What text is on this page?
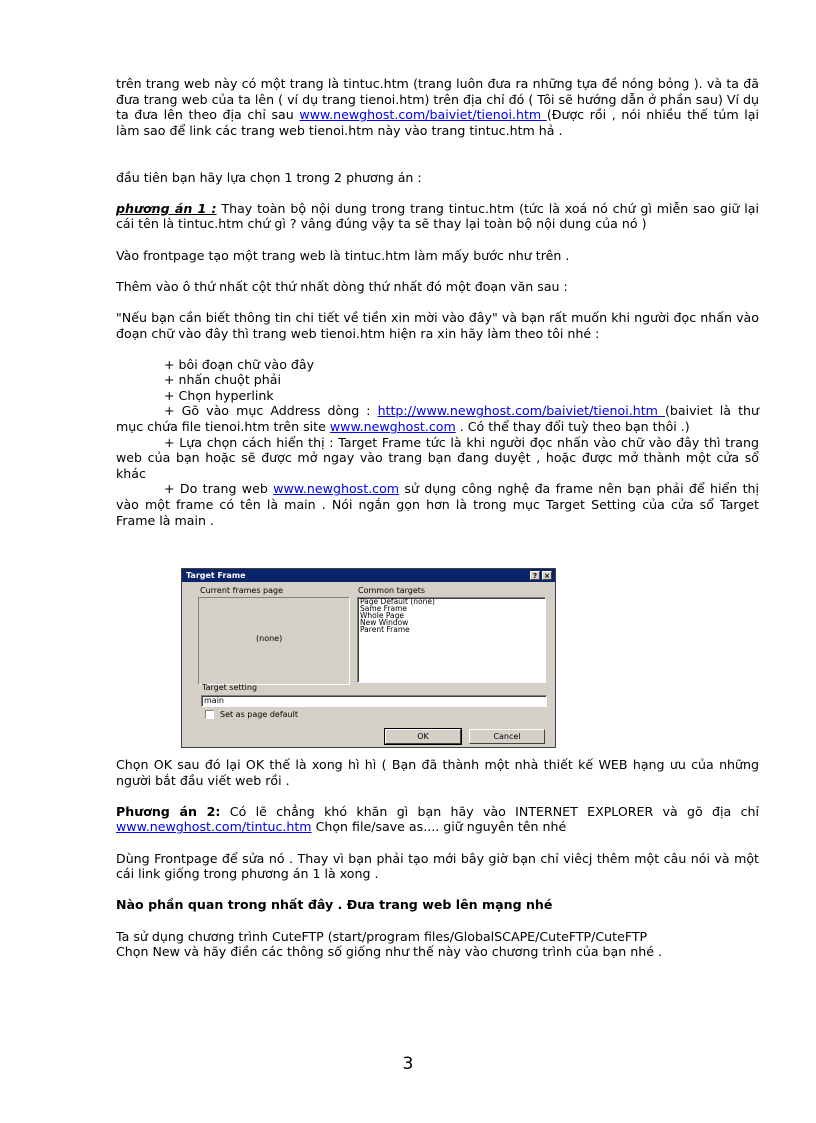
trên trang web này có một trang là tintuc.htm (trang luôn đưa ra những tựa đề nóng bỏng ). và ta đã đưa trang web của ta lên ( ví dụ trang tienoi.htm) trên địa chỉ đó ( Tôi sẽ hướng dẫn ở phần sau) Ví dụ ta đưa lên theo địa chỉ sau www.newghost.com/baiviet/tienoi.htm (Được rồi , nói nhiều thế túm lại làm sao để link các trang web tienoi.htm này vào trang tintuc.htm hả .

đầu tiên bạn hãy lựa chọn 1 trong 2 phương án :

phương án 1 : Thay toàn bộ nội dung trong trang tintuc.htm (tức là xoá nó chứ gì miễn sao giữ lại cái tên là tintuc.htm chứ gì ? vâng đúng vậy ta sẽ thay lại toàn bộ nội dung của nó )

Vào frontpage tạo một trang web là tintuc.htm làm mấy bước như trên .

Thêm vào ô thứ nhất cột thứ nhất dòng thứ nhất đó một đoạn văn sau :

"Nếu bạn cần biết thông tin chi tiết về tiền xin mời vào đây" và bạn rất muốn khi người đọc nhấn vào đoạn chữ vào đây thì trang web tienoi.htm hiện ra xin hãy làm theo tôi nhé :

+ bôi đoạn chữ vào đây

+ nhấn chuột phải

+ Chọn hyperlink

+ Gõ vào mục Address dòng : http://www.newghost.com/baiviet/tienoi.htm (baiviet là thư mục chứa file tienoi.htm trên site www.newghost.com . Có thể thay đổi tuỳ theo bạn thôi .)

+ Lựa chọn cách hiển thị : Target Frame tức là khi người đọc nhấn vào chữ vào đây thì trang web của bạn hoặc sẽ được mở ngay vào trang bạn đang duyệt , hoặc được mở thành một cửa sổ khác

+ Do trang web www.newghost.com sử dụng công nghệ đa frame nên bạn phải để hiển thị vào một frame có tên là main . Nói ngắn gọn hơn là trong mục Target Setting của cửa sổ Target Frame là main .

Target Frame	?	×
Current frames page
(none)
Common targets
Page Default (none)
Same Frame
Whole Page
New Window
Parent Frame
Target setting
main
Set as page default
OK	Cancel

Chọn OK sau đó lại OK thế là xong hì hì ( Bạn đã thành một nhà thiết kế WEB hạng ưu của những người bắt đầu viết web rồi .

Phương án 2: Có lẽ chẳng khó khăn gì bạn hãy vào INTERNET EXPLORER và gõ địa chỉ www.newghost.com/tintuc.htm Chọn file/save as.... giữ nguyên tên nhé

Dùng Frontpage để sửa nó . Thay vì bạn phải tạo mới bây giờ bạn chỉ viêcj thêm một câu nói và một cái link giống trong phương án 1 là xong .

Nào phần quan trong nhất đây . Đưa trang web lên mạng nhé

Ta sử dụng chương trình CuteFTP (start/program files/GlobalSCAPE/CuteFTP/CuteFTP

Chọn New và hãy điền các thông số giống như thế này vào chương trình của bạn nhé .

3
